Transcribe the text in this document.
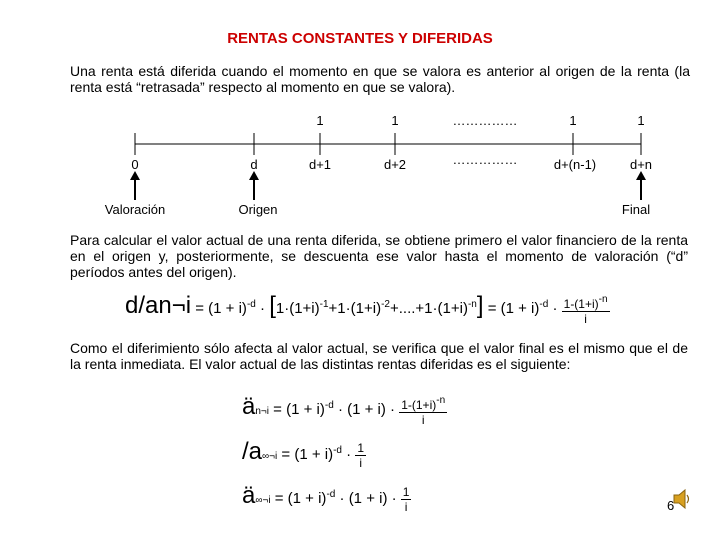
RENTAS CONSTANTES Y DIFERIDAS
Una renta está diferida cuando el momento en que se valora es anterior al origen de la renta (la renta está “retrasada” respecto al momento en que se valora).
1	1	……………	1	1
0	d	d+1	d+2	……………	d+(n-1)	d+n
Valoración	Origen	Final
Para calcular el valor actual de una renta diferida, se obtiene primero el valor financiero de la renta en el origen y, posteriormente, se descuenta ese valor hasta el momento de valoración (“d” períodos antes del origen).
d/an¬i = $(1 + i)^{-d} \cdot [1\cdot(1+i)^{-1}+1\cdot(1+i)^{-2}+....+1\cdot(1+i)^{-n}] = (1 + i)^{-d} \cdot \frac{1-(1+i)^{-n}}{i}$
Como el diferimiento sólo afecta al valor actual, se verifica que el valor final es el mismo que el de la renta inmediata. El valor actual de las distintas rentas diferidas es el siguiente:
än¬i = $(1 + i)^{-d} \cdot (1 + i) \cdot \frac{1-(1+i)^{-n}}{i}$
/a∞¬i = $(1 + i)^{-d} \cdot \frac{1}{i}$
ä∞¬i = $(1 + i)^{-d} \cdot (1 + i) \cdot \frac{1}{i}$	6
